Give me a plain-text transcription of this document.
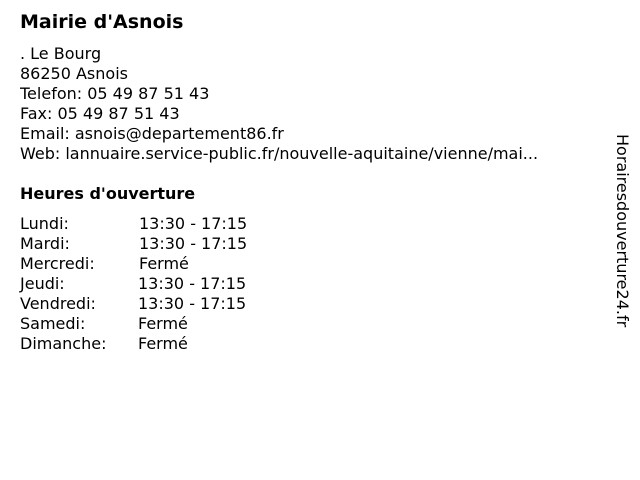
Mairie d'Asnois
. Le Bourg
86250 Asnois
Telefon: 05 49 87 51 43
Fax: 05 49 87 51 43
Email: asnois@departement86.fr
Web: lannuaire.service-public.fr/nouvelle-aquitaine/vienne/mai...
Heures d'ouverture
Lundi:	13:30 - 17:15
Mardi:	13:30 - 17:15
Mercredi:	Fermé
Jeudi:	13:30 - 17:15
Vendredi:	13:30 - 17:15
Samedi:	Fermé
Dimanche: Fermé
Horairesdouverture24.fr
